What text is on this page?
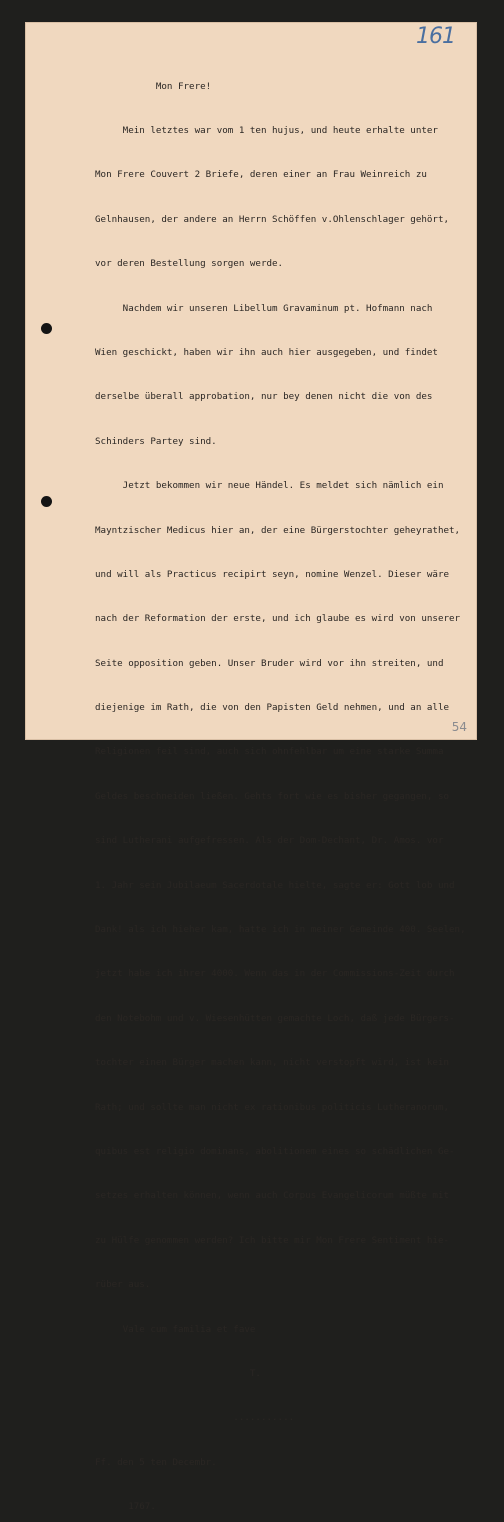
161

Mon Frere!

Mein letztes war vom 1 ten hujus, und heute erhalte unter

Mon Frere Couvert 2 Briefe, deren einer an Frau Weinreich zu

Gelnhausen, der andere an Herrn Schöffen v.Ohlenschlager gehört,

vor deren Bestellung sorgen werde.

Nachdem wir unseren Libellum Gravaminum pt. Hofmann nach

Wien geschickt, haben wir ihn auch hier ausgegeben, und findet

derselbe überall approbation, nur bey denen nicht die von des

Schinders Partey sind.

Jetzt bekommen wir neue Händel. Es meldet sich nämlich ein

Mayntzischer Medicus hier an, der eine Bürgerstochter geheyrathet,

und will als Practicus recipirt seyn, nomine Wenzel. Dieser wäre

nach der Reformation der erste, und ich glaube es wird von unserer

Seite opposition geben. Unser Bruder wird vor ihn streiten, und

diejenige im Rath, die von den Papisten Geld nehmen, und an alle

Religionen feil sind, auch sich ohnfehlbar um eine starke Summa

Geldes beschneiden ließen. Gehts fort wie es bisher gegangen, so

sind Lutherani aufgefressen. Als der Dom-Dechant, Dr. Amos. vor

1. Jahr sein Jubilaeum Sacerdotale hielte, sagte er: Gott lob und

Dank! als ich hieher kam, hatte ich in meiner Gemeinde 400. Seelen,

jetzt habe ich ihrer 4000. Wenn das in der Commissions-Zeit durch

den Notebohm und v. Wiesenhütten gemachte Loch, daß jede Bürgers-

tochter einen Bürger machen kann, nicht verstopft wird, ist kein

Rath; und sollte man nicht ex rationibus politicis Lutheranorum,

quibus est religio dominans, abolitionem eines so schädlichen Ge-

setzes erhalten können, wenn auch Corpus Evangelicorum müßte mit

zu Hülfe genommen werden? Ich bitte mir Mon Frere Sentiment hie-

rüber aus.

Vale cum familia et fave

T.

...........

Ff. den 5 ten Decembr.

1767.

54
